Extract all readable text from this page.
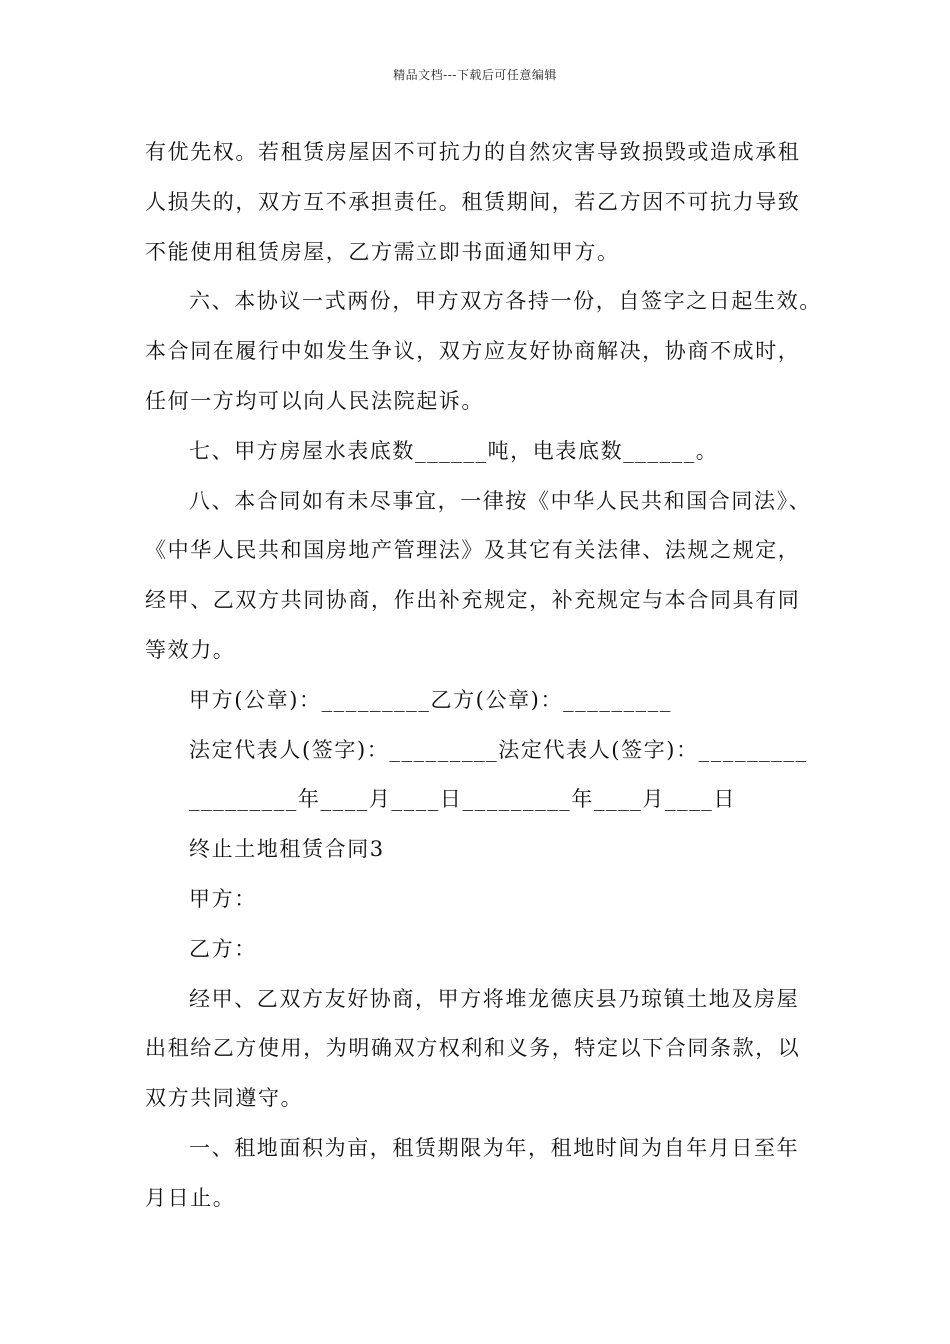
精品文档---下载后可任意编辑
有优先权。若租赁房屋因不可抗力的自然灾害导致损毁或造成承租
人损失的，双方互不承担责任。租赁期间，若乙方因不可抗力导致
不能使用租赁房屋，乙方需立即书面通知甲方。
六、本协议一式两份，甲方双方各持一份，自签字之日起生效。
本合同在履行中如发生争议，双方应友好协商解决，协商不成时，
任何一方均可以向人民法院起诉。
七、甲方房屋水表底数______吨，电表底数______。
八、本合同如有未尽事宜，一律按《中华人民共和国合同法》、
《中华人民共和国房地产管理法》及其它有关法律、法规之规定，
经甲、乙双方共同协商，作出补充规定，补充规定与本合同具有同
等效力。
甲方(公章)：_________乙方(公章)：_________
法定代表人(签字)：_________法定代表人(签字)：_________
_________年____月____日_________年____月____日
终止土地租赁合同3
甲方：
乙方：
经甲、乙双方友好协商，甲方将堆龙德庆县乃琼镇土地及房屋
出租给乙方使用，为明确双方权利和义务，特定以下合同条款，以
双方共同遵守。
一、租地面积为亩，租赁期限为年，租地时间为自年月日至年
月日止。
